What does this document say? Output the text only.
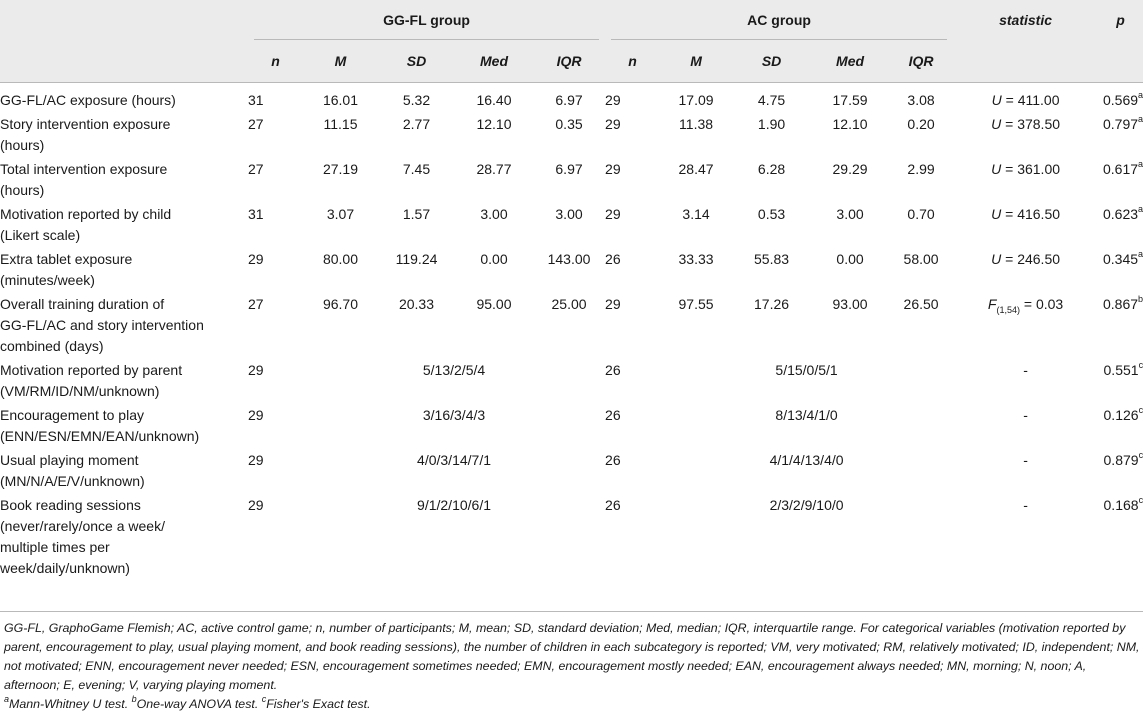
	GG-FL group					AC group					statistic	p
	n	M	SD	Med	IQR	n	M	SD	Med	IQR		
GG-FL/AC exposure (hours)	31	16.01	5.32	16.40	6.97	29	17.09	4.75	17.59	3.08	U = 411.00	0.569$^a$
Story intervention exposure
(hours)	27	11.15	2.77	12.10	0.35	29	11.38	1.90	12.10	0.20	U = 378.50	0.797$^a$
Total intervention exposure
(hours)	27	27.19	7.45	28.77	6.97	29	28.47	6.28	29.29	2.99	U = 361.00	0.617$^a$
Motivation reported by child
(Likert scale)	31	3.07	1.57	3.00	3.00	29	3.14	0.53	3.00	0.70	U = 416.50	0.623$^a$
Extra tablet exposure
(minutes/week)	29	80.00	119.24	0.00	143.00	26	33.33	55.83	0.00	58.00	U = 246.50	0.345$^a$
Overall training duration of
GG-FL/AC and story intervention
combined (days)	27	96.70	20.33	95.00	25.00	29	97.55	17.26	93.00	26.50	$F_{(1,54)} = 0.03$	0.867$^b$
Motivation reported by parent
(VM/RM/ID/NM/unknown)	29	5/13/2/5/4				26	5/15/0/5/1				-	0.551$^c$
Encouragement to play
(ENN/ESN/EMN/EAN/unknown)	29	3/16/3/4/3				26	8/13/4/1/0				-	0.126$^c$
Usual playing moment
(MN/N/A/E/V/unknown)	29	4/0/3/14/7/1				26	4/1/4/13/4/0				-	0.879$^c$
Book reading sessions
(never/rarely/once a week/
multiple times per
week/daily/unknown)	29	9/1/2/10/6/1				26	2/3/2/9/10/0				-	0.168$^c$

GG-FL, GraphoGame Flemish; AC, active control game; n, number of participants; M, mean; SD, standard deviation; Med, median; IQR, interquartile range. For categorical variables (motivation reported by parent, encouragement to play, usual playing moment, and book reading sessions), the number of children in each subcategory is reported; VM, very motivated; RM, relatively motivated; ID, independent; NM, not motivated; ENN, encouragement never needed; ESN, encouragement sometimes needed; EMN, encouragement mostly needed; EAN, encouragement always needed; MN, morning; N, noon; A, afternoon; E, evening; V, varying playing moment.

$^a$Mann-Whitney U test. $^b$One-way ANOVA test. $^c$Fisher's Exact test.
